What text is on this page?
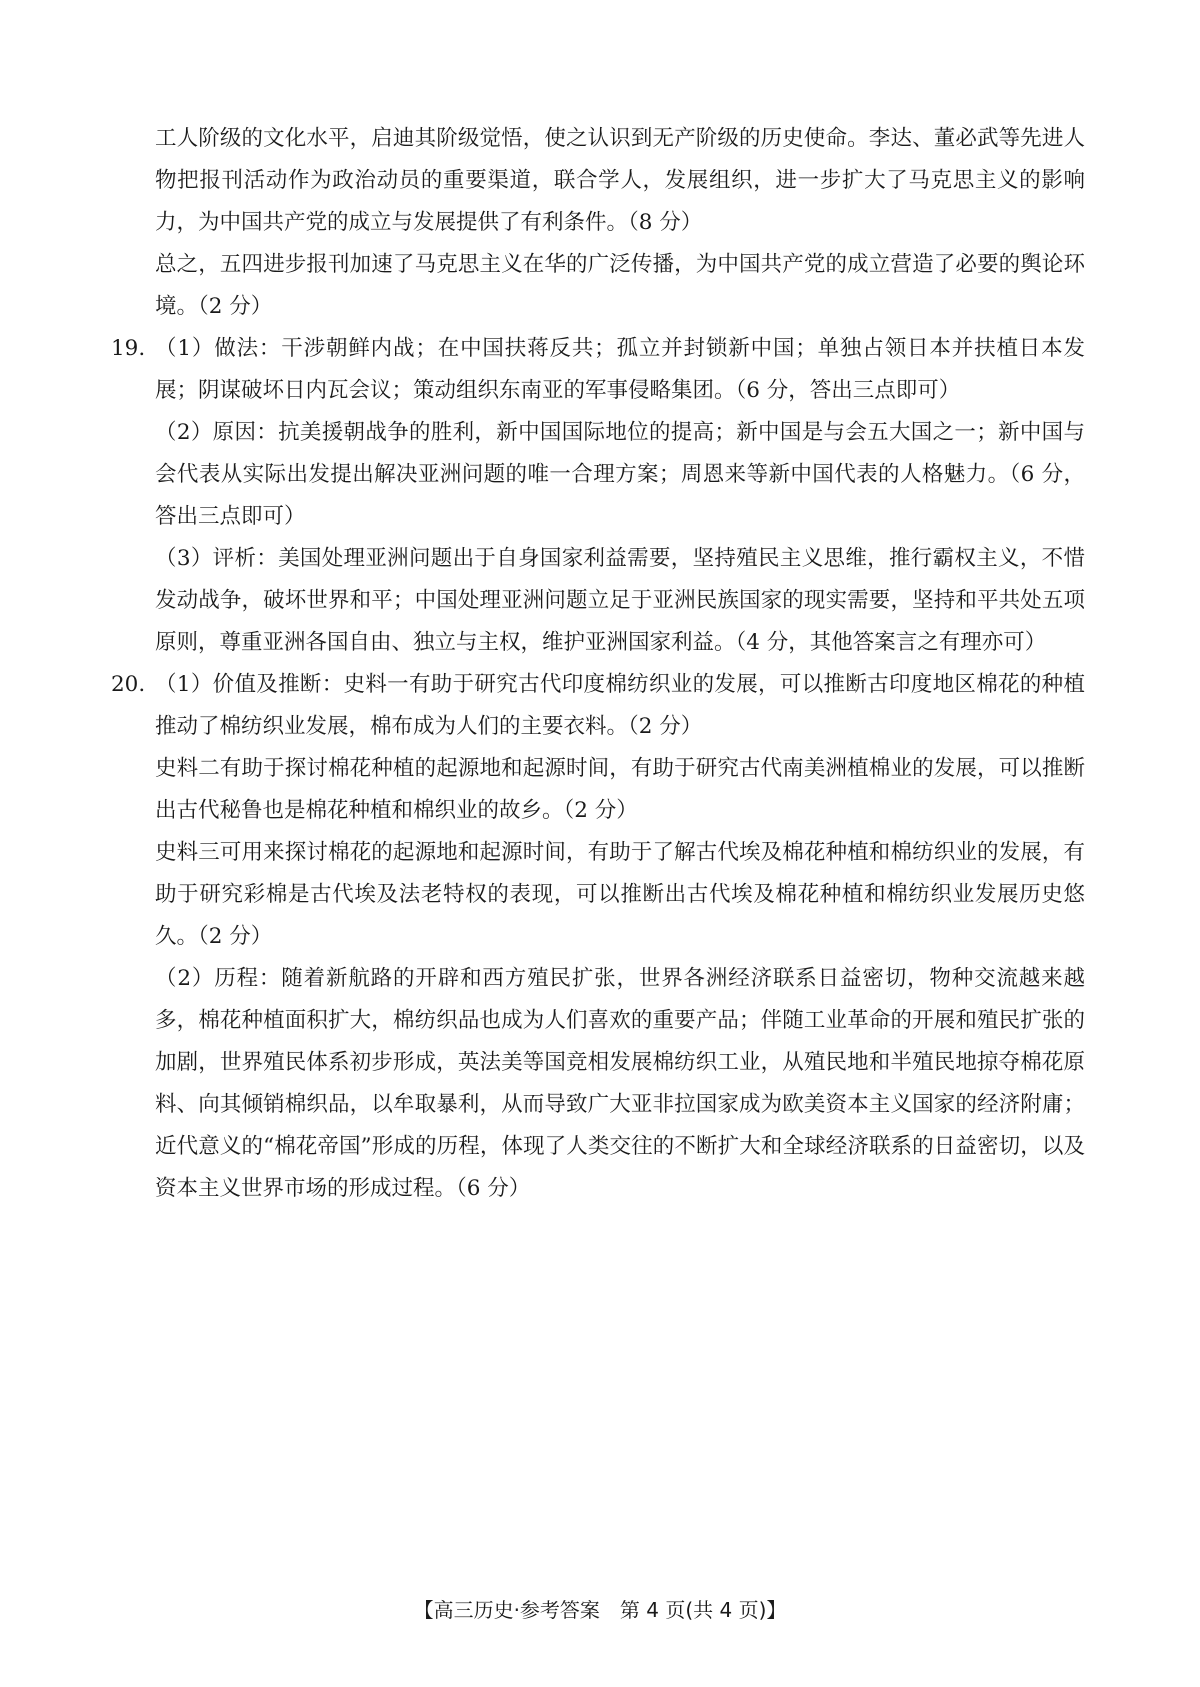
工人阶级的文化水平，启迪其阶级觉悟，使之认识到无产阶级的历史使命。李达、董必武等先进人物把报刊活动作为政治动员的重要渠道，联合学人，发展组织，进一步扩大了马克思主义的影响力，为中国共产党的成立与发展提供了有利条件。（8 分）

总之，五四进步报刊加速了马克思主义在华的广泛传播，为中国共产党的成立营造了必要的舆论环境。（2 分）

19. （1）做法：干涉朝鲜内战；在中国扶蒋反共；孤立并封锁新中国；单独占领日本并扶植日本发展；阴谋破坏日内瓦会议；策动组织东南亚的军事侵略集团。（6 分，答出三点即可）

（2）原因：抗美援朝战争的胜利，新中国国际地位的提高；新中国是与会五大国之一；新中国与会代表从实际出发提出解决亚洲问题的唯一合理方案；周恩来等新中国代表的人格魅力。（6 分，答出三点即可）

（3）评析：美国处理亚洲问题出于自身国家利益需要，坚持殖民主义思维，推行霸权主义，不惜发动战争，破坏世界和平；中国处理亚洲问题立足于亚洲民族国家的现实需要，坚持和平共处五项原则，尊重亚洲各国自由、独立与主权，维护亚洲国家利益。（4 分，其他答案言之有理亦可）

20. （1）价值及推断：史料一有助于研究古代印度棉纺织业的发展，可以推断古印度地区棉花的种植推动了棉纺织业发展，棉布成为人们的主要衣料。（2 分）

史料二有助于探讨棉花种植的起源地和起源时间，有助于研究古代南美洲植棉业的发展，可以推断出古代秘鲁也是棉花种植和棉织业的故乡。（2 分）

史料三可用来探讨棉花的起源地和起源时间，有助于了解古代埃及棉花种植和棉纺织业的发展，有助于研究彩棉是古代埃及法老特权的表现，可以推断出古代埃及棉花种植和棉纺织业发展历史悠久。（2 分）

（2）历程：随着新航路的开辟和西方殖民扩张，世界各洲经济联系日益密切，物种交流越来越多，棉花种植面积扩大，棉纺织品也成为人们喜欢的重要产品；伴随工业革命的开展和殖民扩张的加剧，世界殖民体系初步形成，英法美等国竞相发展棉纺织工业，从殖民地和半殖民地掠夺棉花原料、向其倾销棉织品，以牟取暴利，从而导致广大亚非拉国家成为欧美资本主义国家的经济附庸；近代意义的“棉花帝国”形成的历程，体现了人类交往的不断扩大和全球经济联系的日益密切，以及资本主义世界市场的形成过程。（6 分）

【高三历史·参考答案　第 4 页(共 4 页)】
